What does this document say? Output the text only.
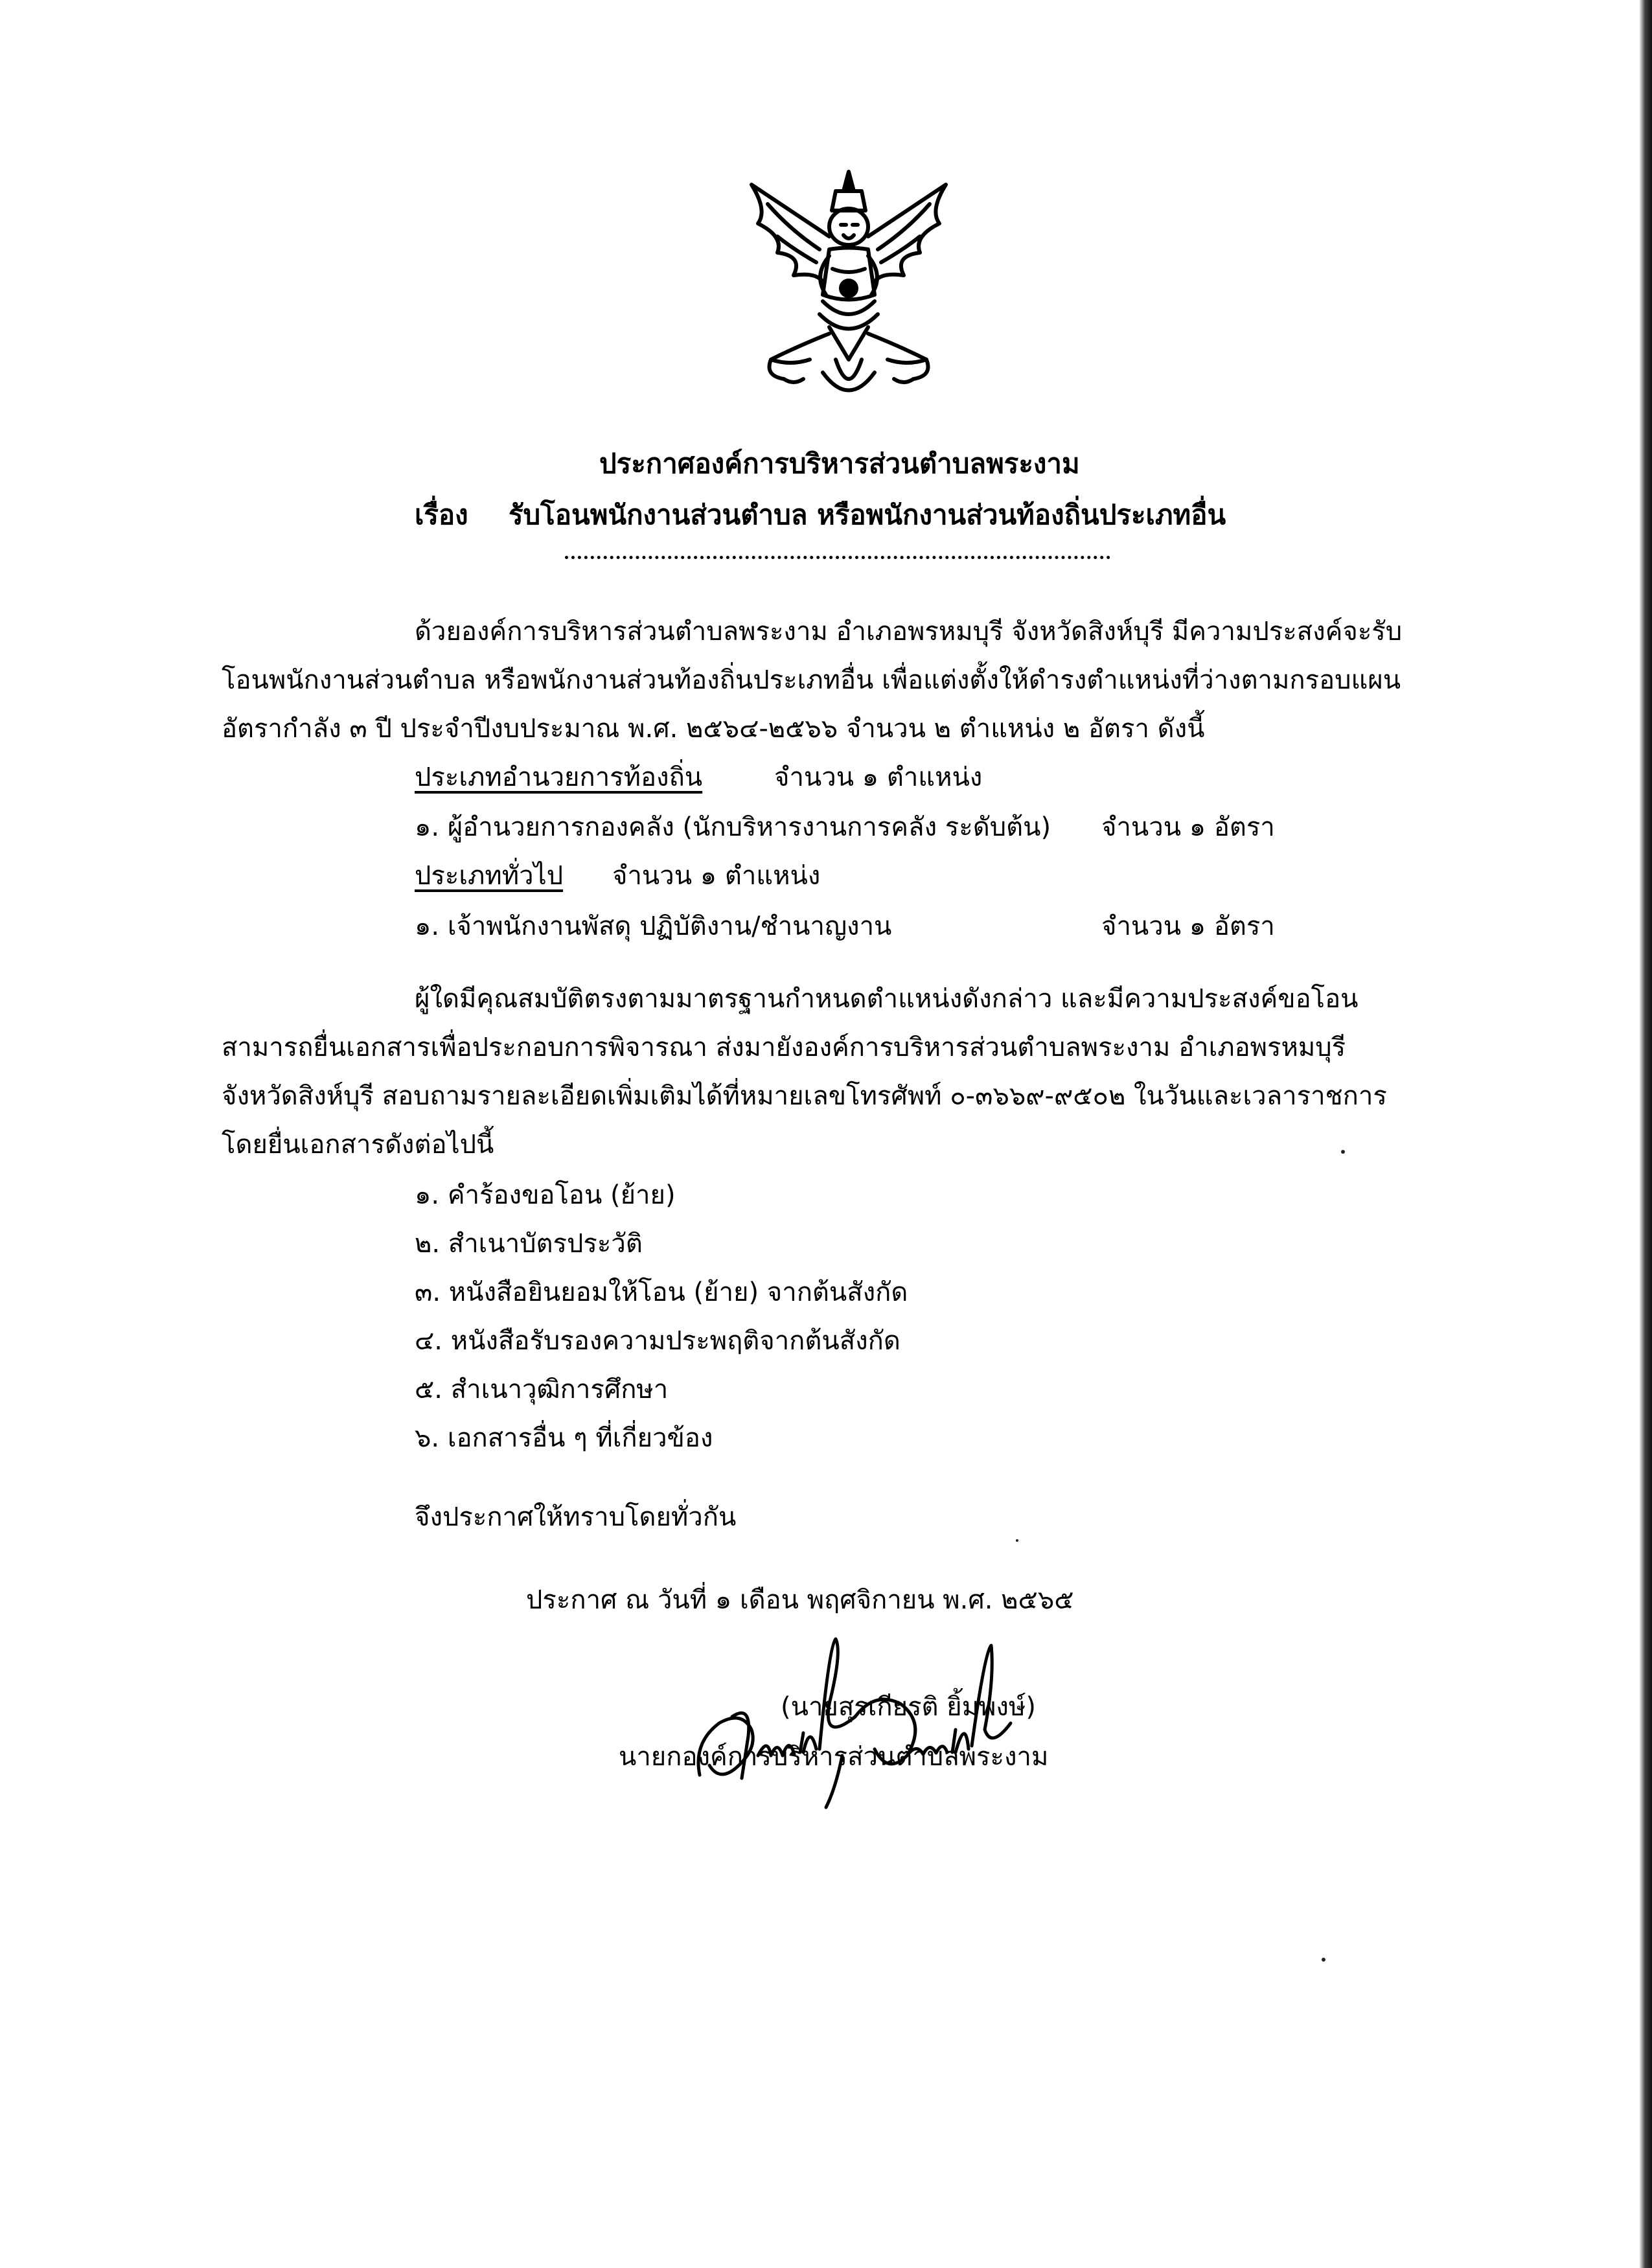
ประกาศองค์การบริหารส่วนตำบลพระงาม
เรื่อง รับโอนพนักงานส่วนตำบล หรือพนักงานส่วนท้องถิ่นประเภทอื่น
ด้วยองค์การบริหารส่วนตำบลพระงาม อำเภอพรหมบุรี จังหวัดสิงห์บุรี มีความประสงค์จะรับ
โอนพนักงานส่วนตำบล หรือพนักงานส่วนท้องถิ่นประเภทอื่น เพื่อแต่งตั้งให้ดำรงตำแหน่งที่ว่างตามกรอบแผน
อัตรากำลัง ๓ ปี ประจำปีงบประมาณ พ.ศ. ๒๕๖๔-๒๕๖๖ จำนวน ๒ ตำแหน่ง ๒ อัตรา ดังนี้
ประเภทอำนวยการท้องถิ่น	จำนวน ๑ ตำแหน่ง
๑. ผู้อำนวยการกองคลัง (นักบริหารงานการคลัง ระดับต้น) จำนวน ๑ อัตรา
ประเภททั่วไป จำนวน ๑ ตำแหน่ง
๑. เจ้าพนักงานพัสดุ ปฏิบัติงาน/ชำนาญงาน	จำนวน ๑ อัตรา
ผู้ใดมีคุณสมบัติตรงตามมาตรฐานกำหนดตำแหน่งดังกล่าว และมีความประสงค์ขอโอน
สามารถยื่นเอกสารเพื่อประกอบการพิจารณา ส่งมายังองค์การบริหารส่วนตำบลพระงาม อำเภอพรหมบุรี
จังหวัดสิงห์บุรี สอบถามรายละเอียดเพิ่มเติมได้ที่หมายเลขโทรศัพท์ ๐-๓๖๖๙-๙๕๐๒ ในวันและเวลาราชการ
โดยยื่นเอกสารดังต่อไปนี้
๑. คำร้องขอโอน (ย้าย)
๒. สำเนาบัตรประวัติ
๓. หนังสือยินยอมให้โอน (ย้าย) จากต้นสังกัด
๔. หนังสือรับรองความประพฤติจากต้นสังกัด
๕. สำเนาวุฒิการศึกษา
๖. เอกสารอื่น ๆ ที่เกี่ยวข้อง
จึงประกาศให้ทราบโดยทั่วกัน
ประกาศ ณ วันที่ ๑ เดือน พฤศจิกายน พ.ศ. ๒๕๖๕
(นายสุรเกียรติ ยิ้มพงษ์)
นายกองค์การบริหารส่วนตำบลพระงาม
